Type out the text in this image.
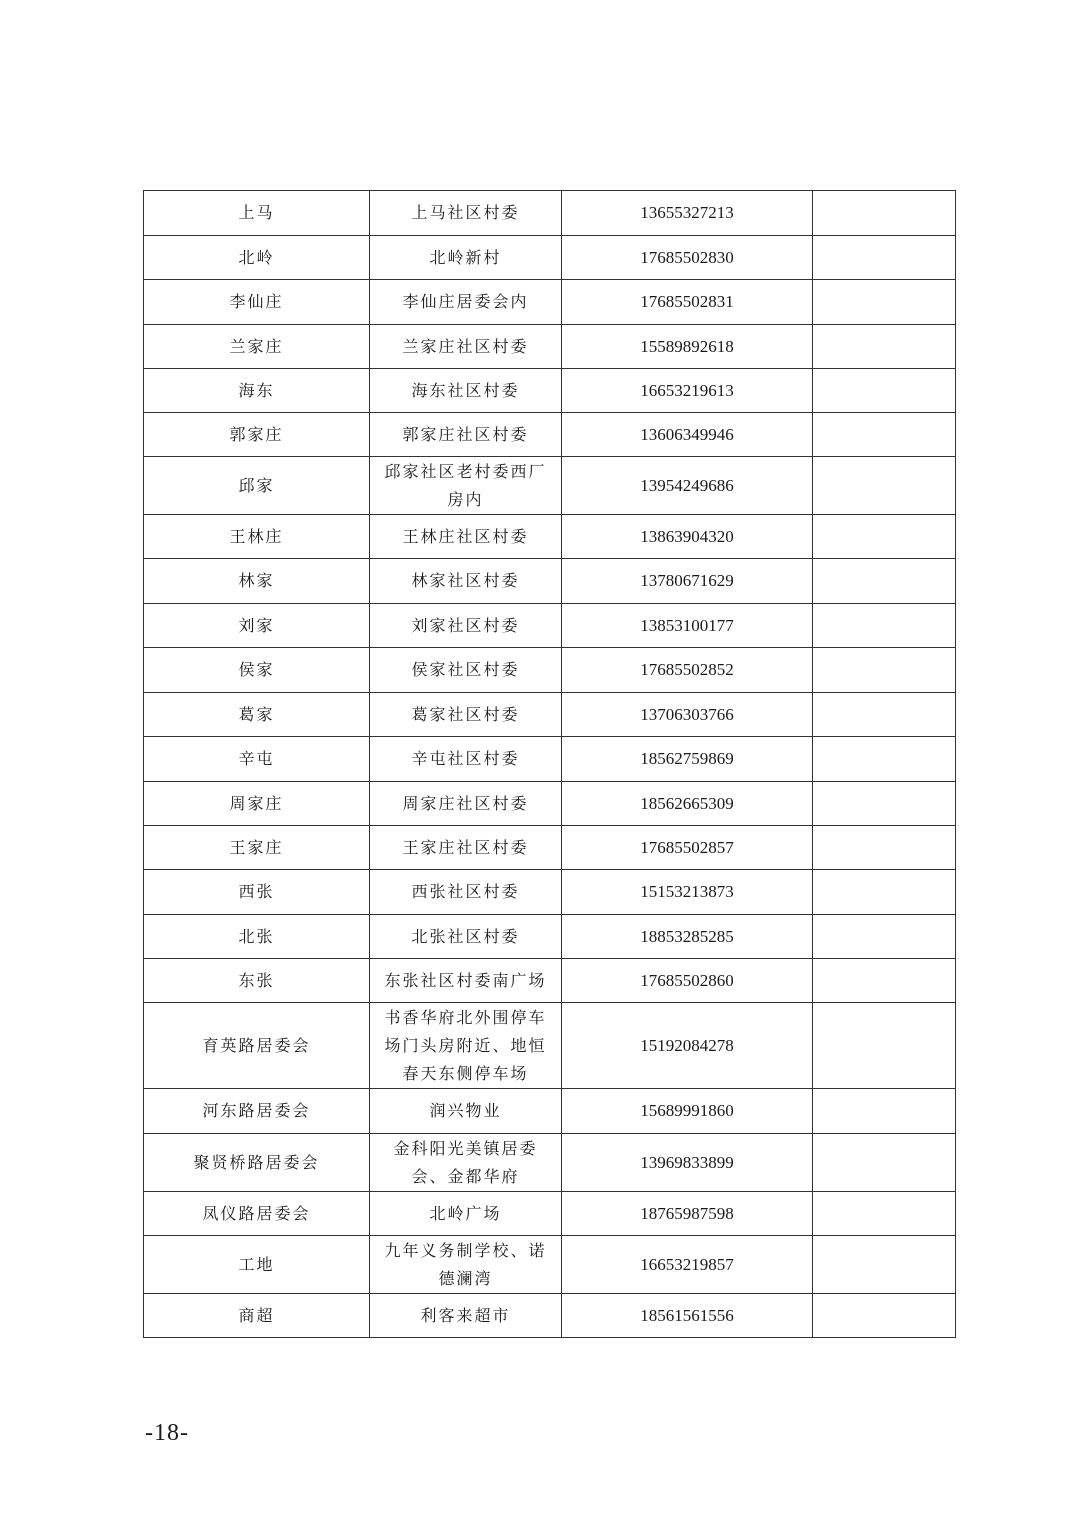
上马	上马社区村委	13655327213	
北岭	北岭新村	17685502830	
李仙庄	李仙庄居委会内	17685502831	
兰家庄	兰家庄社区村委	15589892618	
海东	海东社区村委	16653219613	
郭家庄	郭家庄社区村委	13606349946	
邱家	邱家社区老村委西厂房内	13954249686	
王林庄	王林庄社区村委	13863904320	
林家	林家社区村委	13780671629	
刘家	刘家社区村委	13853100177	
侯家	侯家社区村委	17685502852	
葛家	葛家社区村委	13706303766	
辛屯	辛屯社区村委	18562759869	
周家庄	周家庄社区村委	18562665309	
王家庄	王家庄社区村委	17685502857	
西张	西张社区村委	15153213873	
北张	北张社区村委	18853285285	
东张	东张社区村委南广场	17685502860	
育英路居委会	书香华府北外围停车场门头房附近、地恒春天东侧停车场	15192084278	
河东路居委会	润兴物业	15689991860	
聚贤桥路居委会	金科阳光美镇居委会、金都华府	13969833899	
凤仪路居委会	北岭广场	18765987598	
工地	九年义务制学校、诺德澜湾	16653219857	
商超	利客来超市	18561561556	
-18-
